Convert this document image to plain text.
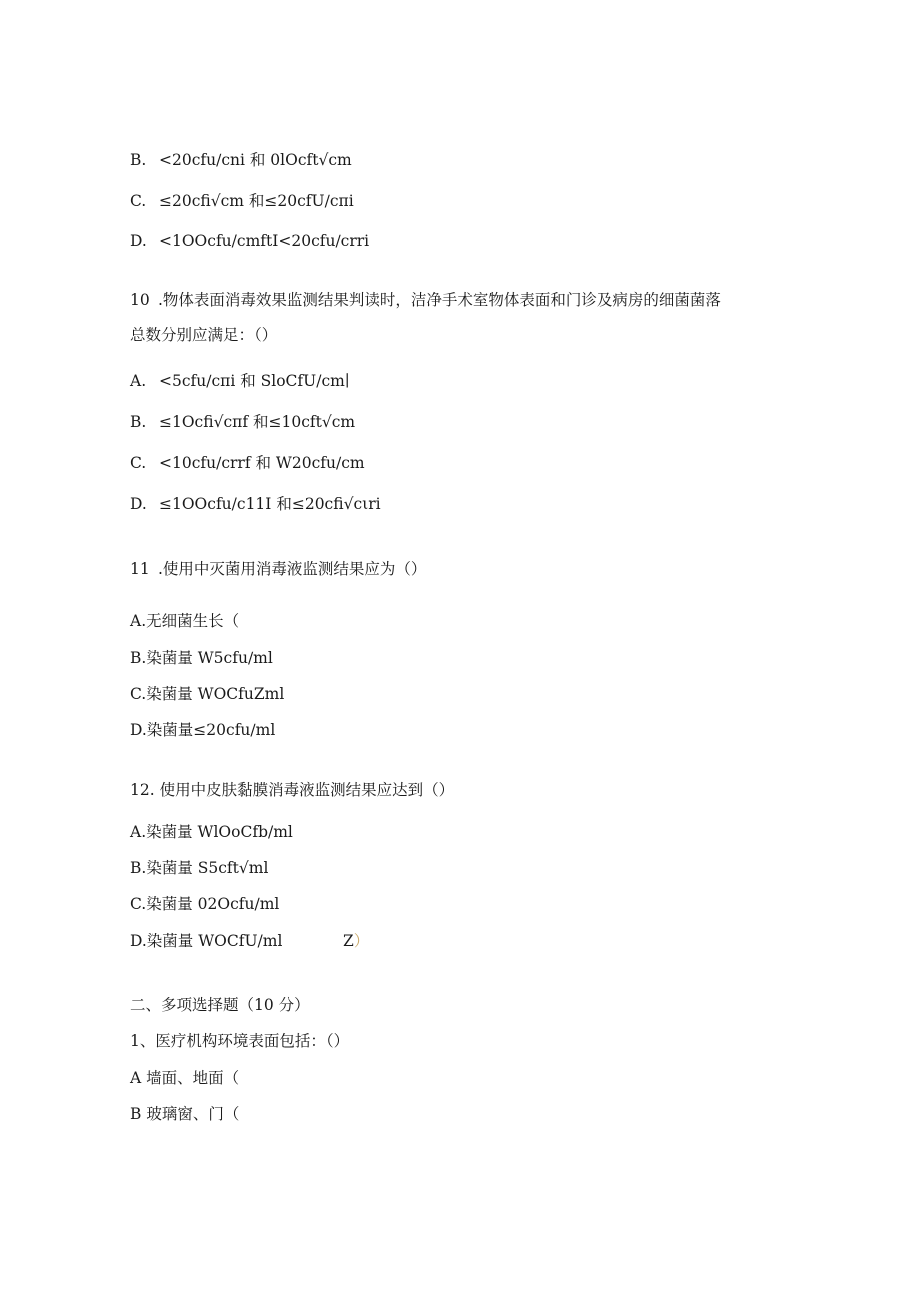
B. <20cfu∕cni 和 0lOcft√cm
C. ≤20cfi√cm 和≤20cfU∕cπi
D. <1OOcfu/cmftI<20cfu∕crri
10 .物体表面消毒效果监测结果判读时，洁净手术室物体表面和门诊及病房的细菌菌落
总数分别应满足：（）
A. <5cfu∕cπi 和 SloCfU/cm∣
B. ≤1Ocfi√cπf 和≤10cft√cm
C. <10cfu∕crrf 和 W20cfu∕cm
D. ≤1OOcfu/c11I 和≤20cfi√cιri
11 .使用中灭菌用消毒液监测结果应为（）
A.无细菌生长（
B.染菌量 W5cfu∕ml
C.染菌量 WOCfuZml
D.染菌量≤20cfu∕ml
12. 使用中皮肤黏膜消毒液监测结果应达到（）
A.染菌量 WlOoCfb/ml
B.染菌量 S5cft√ml
C.染菌量 02Ocfu∕ml
D.染菌量 WOCfU/ml	Z）
二、多项选择题（10 分）
1、医疗机构环境表面包括：（）
A 墙面、地面（
B 玻璃窗、门（
